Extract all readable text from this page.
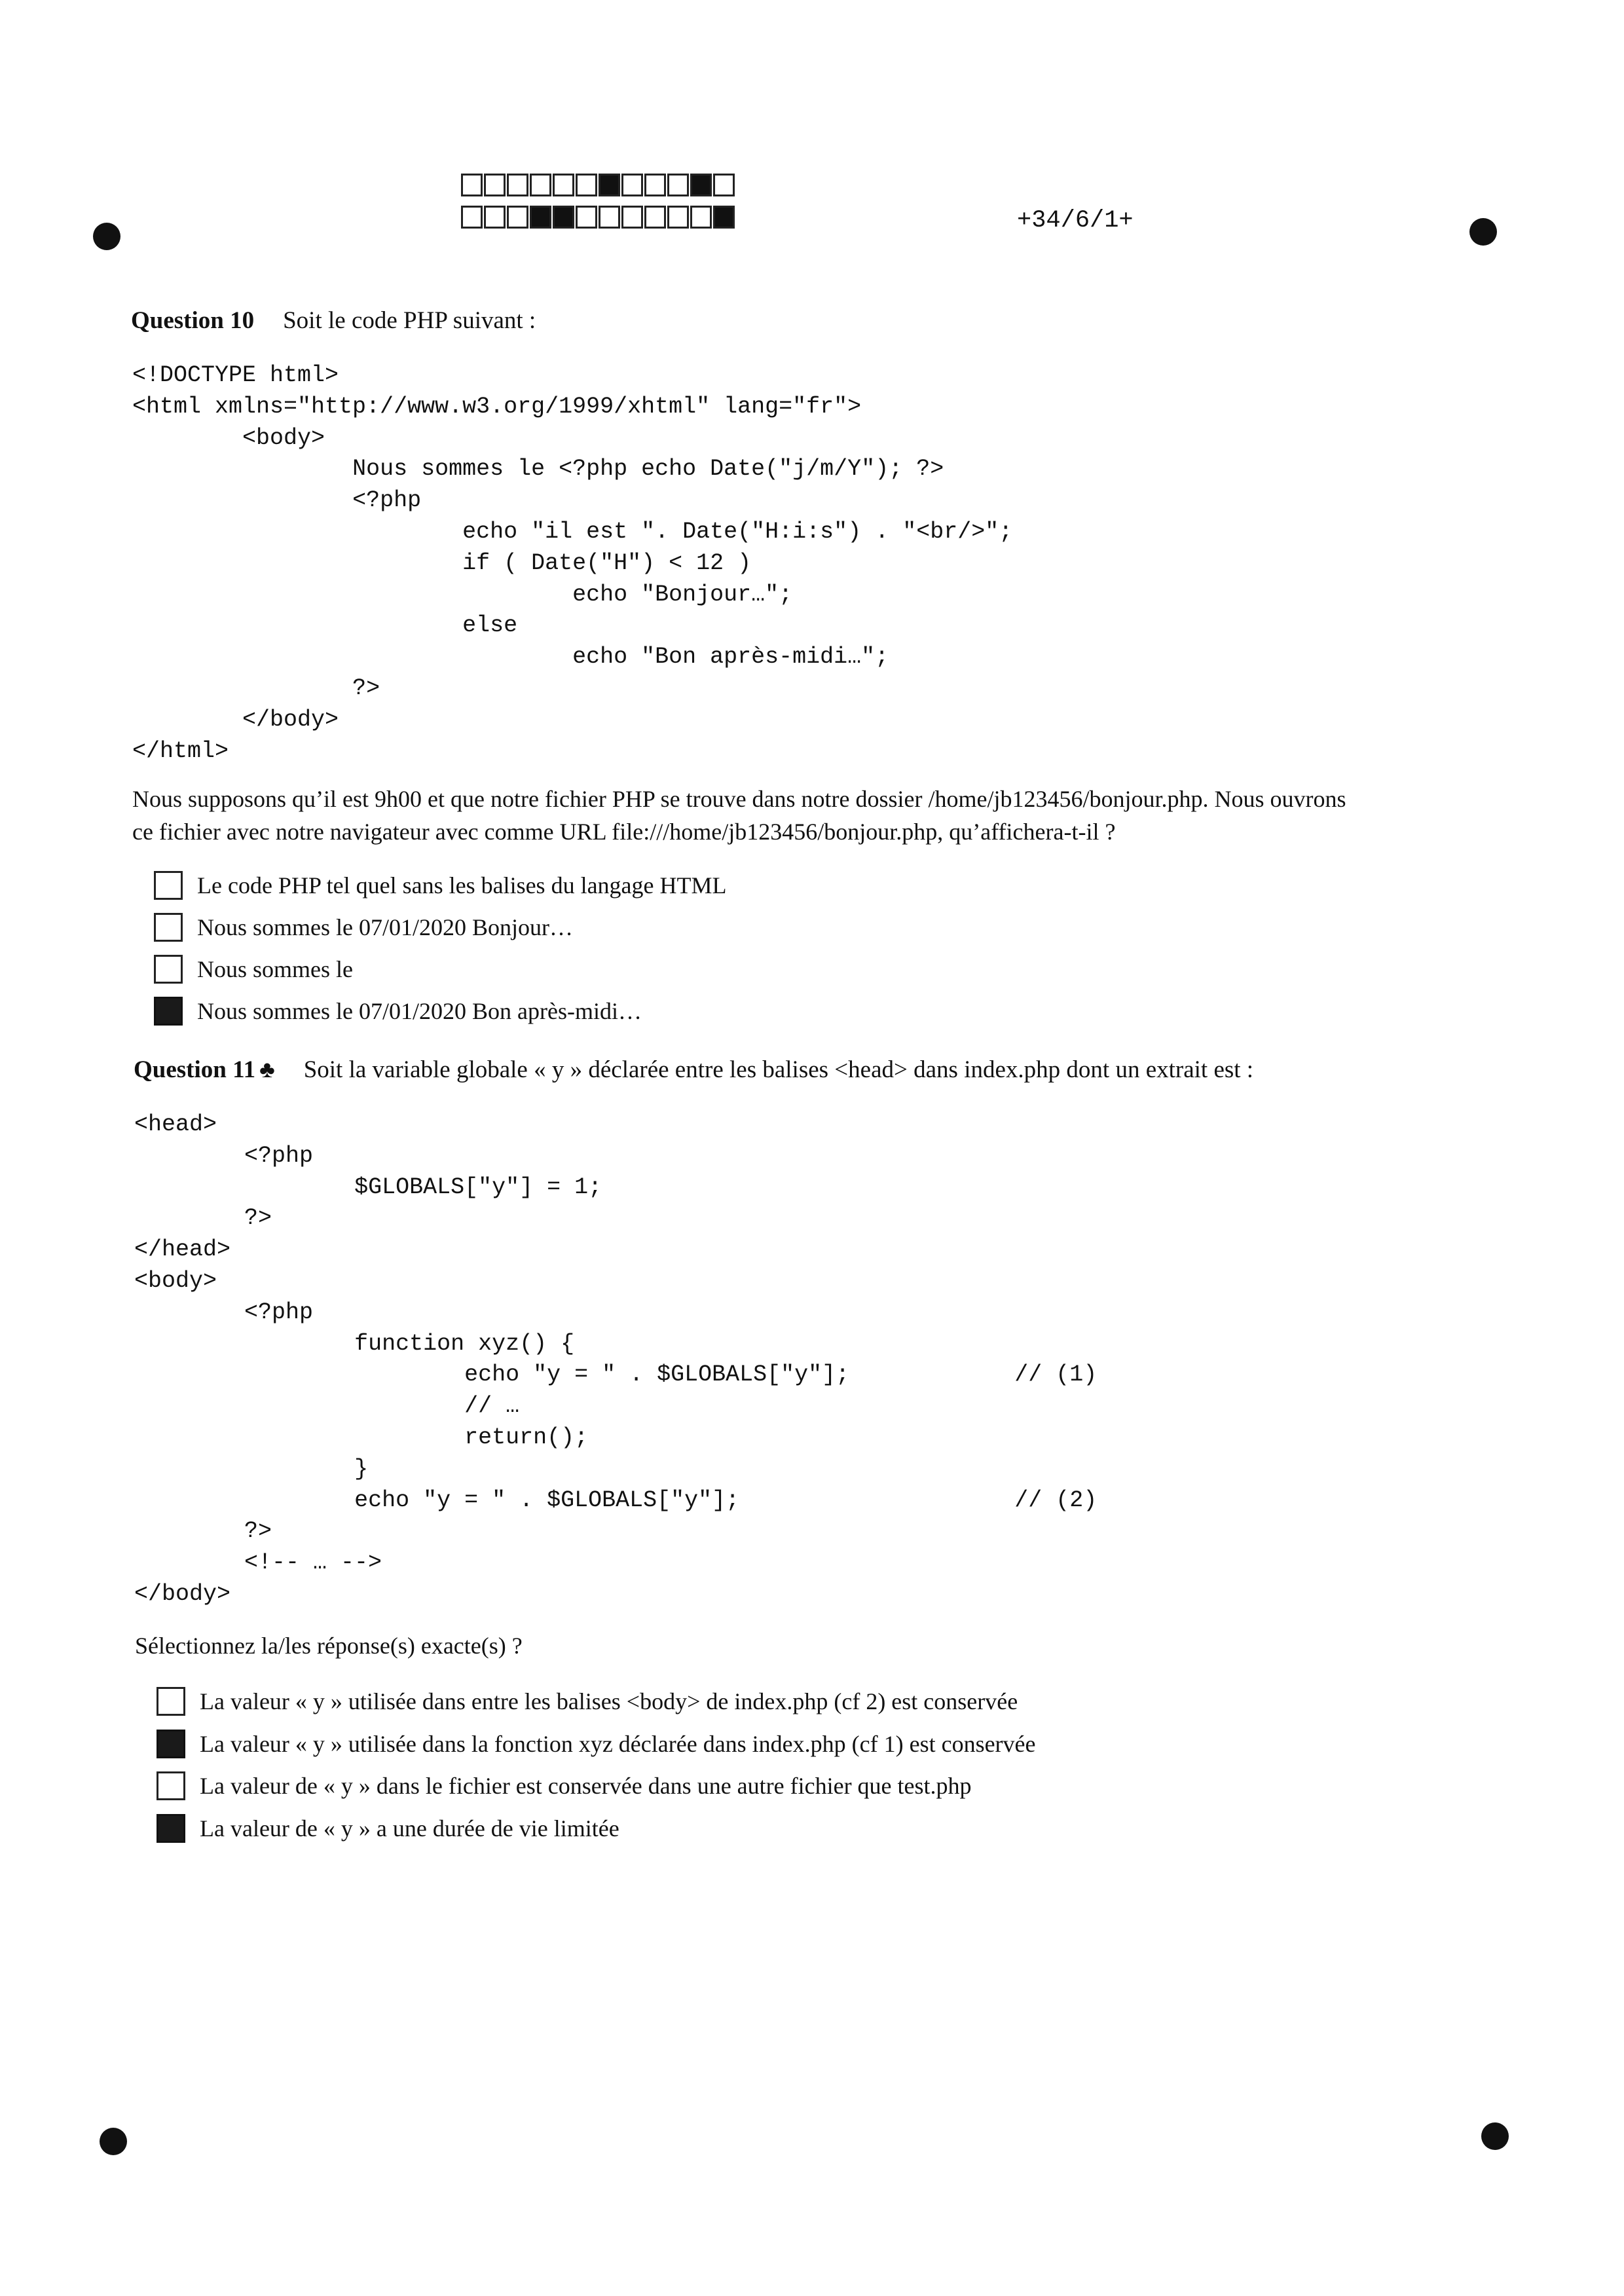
+34/6/1+
Question 10 Soit le code PHP suivant :
<!DOCTYPE html>
<html xmlns="http://www.w3.org/1999/xhtml" lang="fr">
	<body>
		Nous sommes le <?php echo Date("j/m/Y"); ?>
		<?php
			echo "il est ". Date("H:i:s") . "<br/>";
			if ( Date("H") < 12 )
				echo "Bonjour…";
			else
				echo "Bon après-midi…";
		?>
	</body>
</html>
Nous supposons qu’il est 9h00 et que notre fichier PHP se trouve dans notre dossier /home/jb123456/bonjour.php. Nous ouvrons
ce fichier avec notre navigateur avec comme URL file:///home/jb123456/bonjour.php, qu’affichera-t-il ?
Le code PHP tel quel sans les balises du langage HTML
Nous sommes le 07/01/2020 Bonjour…
Nous sommes le
Nous sommes le 07/01/2020 Bon après-midi…
Question 11 ♣ Soit la variable globale « y » déclarée entre les balises <head> dans index.php dont un extrait est :
<head>
	<?php
		$GLOBALS["y"] = 1;
	?>
</head>
<body>
	<?php
		function xyz() {
			echo "y = " . $GLOBALS["y"];		// (1)
			// …
			return();
		}
		echo "y = " . $GLOBALS["y"];			// (2)
	?>
	<!-- … -->
</body>
Sélectionnez la/les réponse(s) exacte(s) ?
La valeur « y » utilisée dans entre les balises <body> de index.php (cf 2) est conservée
La valeur « y » utilisée dans la fonction xyz déclarée dans index.php (cf 1) est conservée
La valeur de « y » dans le fichier est conservée dans une autre fichier que test.php
La valeur de « y » a une durée de vie limitée
